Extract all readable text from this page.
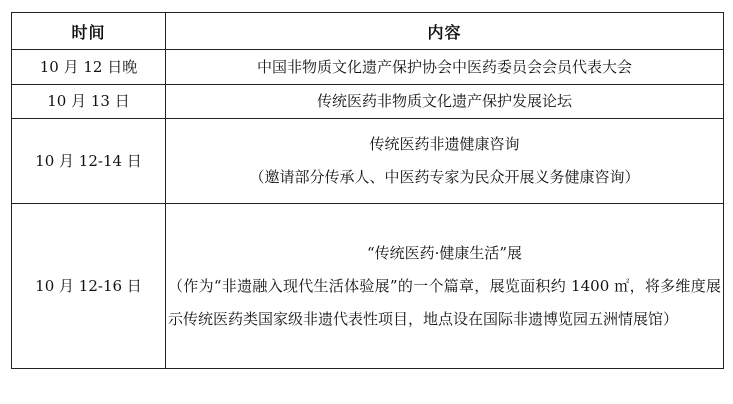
时间	内容
10 月 12 日晚	中国非物质文化遗产保护协会中医药委员会会员代表大会

10 月 13 日	传统医药非物质文化遗产保护发展论坛

10 月 12-14 日	传统医药非遗健康咨询
（邀请部分传承人、中医药专家为民众开展义务健康咨询）

10 月 12-16 日	“传统医药·健康生活”展
（作为“非遗融入现代生活体验展”的一个篇章，展览面积约 1400 ㎡，将多维度展示传统医药类国家级非遗代表性项目，地点设在国际非遗博览园五洲情展馆）
